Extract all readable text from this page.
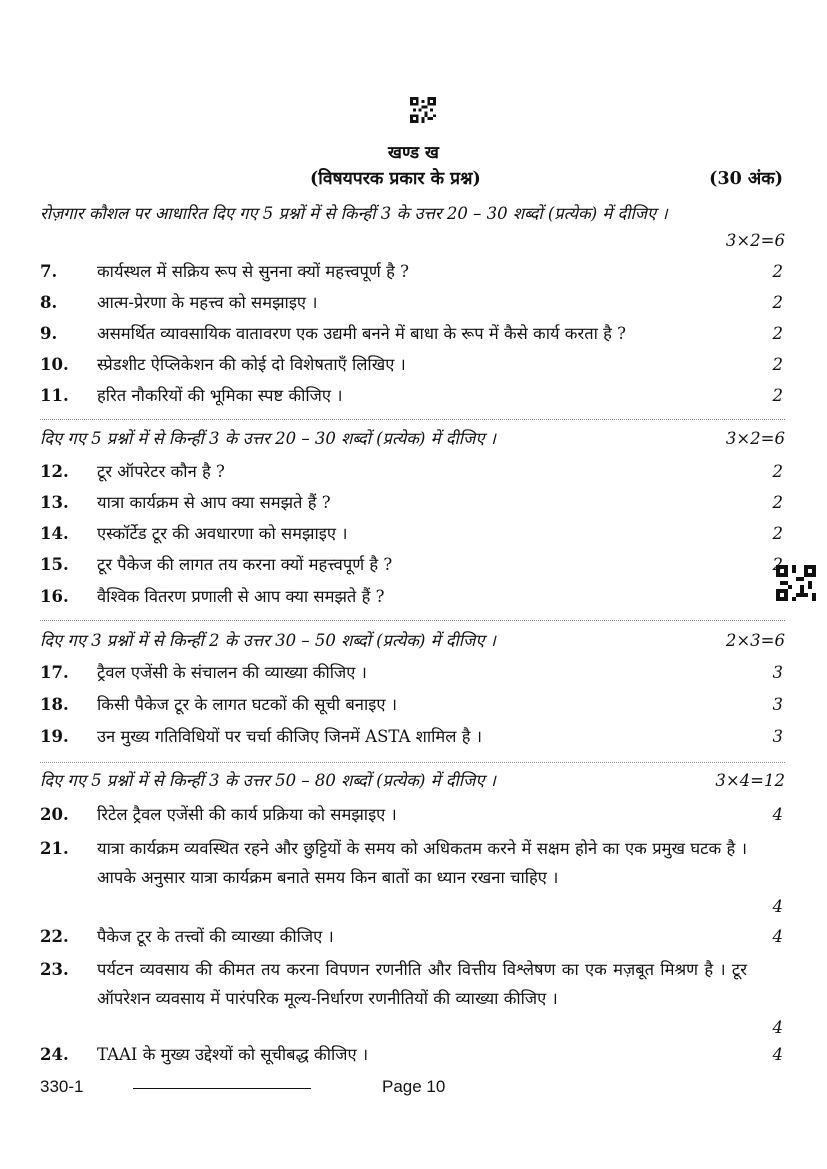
खण्ड ख
(विषयपरक प्रकार के प्रश्न)	(30 अंक)
रोज़गार कौशल पर आधारित दिए गए 5 प्रश्नों में से किन्हीं 3 के उत्तर 20 – 30 शब्दों (प्रत्येक) में दीजिए ।
3×2=6
7.	कार्यस्थल में सक्रिय रूप से सुनना क्यों महत्त्वपूर्ण है ?	2
8.	आत्म-प्रेरणा के महत्त्व को समझाइए ।	2
9.	असमर्थित व्यावसायिक वातावरण एक उद्यमी बनने में बाधा के रूप में कैसे कार्य करता है ?	2
10.	स्प्रेडशीट ऐप्लिकेशन की कोई दो विशेषताएँ लिखिए ।	2
11.	हरित नौकरियों की भूमिका स्पष्ट कीजिए ।	2
दिए गए 5 प्रश्नों में से किन्हीं 3 के उत्तर 20 – 30 शब्दों (प्रत्येक) में दीजिए ।	3×2=6
12.	टूर ऑपरेटर कौन है ?	2
13.	यात्रा कार्यक्रम से आप क्या समझते हैं ?	2
14.	एस्कॉर्टेड टूर की अवधारणा को समझाइए ।	2
15.	टूर पैकेज की लागत तय करना क्यों महत्त्वपूर्ण है ?	2
16.	वैश्विक वितरण प्रणाली से आप क्या समझते हैं ?
दिए गए 3 प्रश्नों में से किन्हीं 2 के उत्तर 30 – 50 शब्दों (प्रत्येक) में दीजिए ।	2×3=6
17.	ट्रैवल एजेंसी के संचालन की व्याख्या कीजिए ।	3
18.	किसी पैकेज टूर के लागत घटकों की सूची बनाइए ।	3
19.	उन मुख्य गतिविधियों पर चर्चा कीजिए जिनमें ASTA शामिल है ।	3
दिए गए 5 प्रश्नों में से किन्हीं 3 के उत्तर 50 – 80 शब्दों (प्रत्येक) में दीजिए ।	3×4=12
20.	रिटेल ट्रैवल एजेंसी की कार्य प्रक्रिया को समझाइए ।	4
21.	यात्रा कार्यक्रम व्यवस्थित रहने और छुट्टियों के समय को अधिकतम करने में सक्षम होने का एक प्रमुख घटक है । आपके अनुसार यात्रा कार्यक्रम बनाते समय किन बातों का ध्यान रखना चाहिए ।
4
22.	पैकेज टूर के तत्त्वों की व्याख्या कीजिए ।	4
23.	पर्यटन व्यवसाय की कीमत तय करना विपणन रणनीति और वित्तीय विश्लेषण का एक मज़बूत मिश्रण है । टूर ऑपरेशन व्यवसाय में पारंपरिक मूल्य-निर्धारण रणनीतियों की व्याख्या कीजिए ।
4
24.	TAAI के मुख्य उद्देश्यों को सूचीबद्ध कीजिए ।	4
330-1	Page 10
